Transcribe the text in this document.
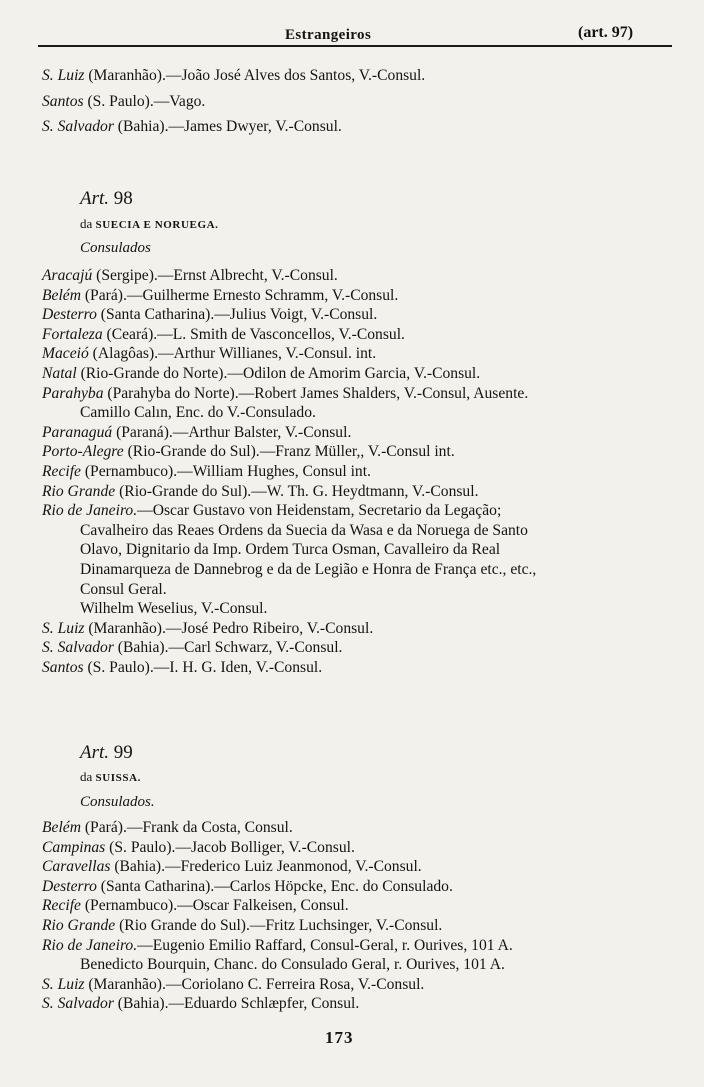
Estrangeiros	(art. 97)
S. Luiz (Maranhão).—João José Alves dos Santos, V.-Consul.
Santos (S. Paulo).—Vago.
S. Salvador (Bahia).—James Dwyer, V.-Consul.
Art. 98
da SUECIA E NORUEGA.
Consulados
Aracajú (Sergipe).—Ernst Albrecht, V.-Consul.
Belém (Pará).—Guilherme Ernesto Schramm, V.-Consul.
Desterro (Santa Catharina).—Julius Voigt, V.-Consul.
Fortaleza (Ceará).—L. Smith de Vasconcellos, V.-Consul.
Maceió (Alagôas).—Arthur Willianes, V.-Consul. int.
Natal (Rio-Grande do Norte).—Odilon de Amorim Garcia, V.-Consul.
Parahyba (Parahyba do Norte).—Robert James Shalders, V.-Consul, Ausente.
Camillo Calın, Enc. do V.-Consulado.
Paranaguá (Paraná).—Arthur Balster, V.-Consul.
Porto-Alegre (Rio-Grande do Sul).—Franz Müller,, V.-Consul int.
Recife (Pernambuco).—William Hughes, Consul int.
Rio Grande (Rio-Grande do Sul).—W. Th. G. Heydtmann, V.-Consul.
Rio de Janeiro.—Oscar Gustavo von Heidenstam, Secretario da Legação;
Cavalheiro das Reaes Ordens da Suecia da Wasa e da Noruega de Santo
Olavo, Dignitario da Imp. Ordem Turca Osman, Cavalleiro da Real
Dinamarqueza de Dannebrog e da de Legião e Honra de França etc., etc.,
Consul Geral.
Wilhelm Weselius, V.-Consul.
S. Luiz (Maranhão).—José Pedro Ribeiro, V.-Consul.
S. Salvador (Bahia).—Carl Schwarz, V.-Consul.
Santos (S. Paulo).—I. H. G. Iden, V.-Consul.
Art. 99
da SUISSA.
Consulados.
Belém (Pará).—Frank da Costa, Consul.
Campinas (S. Paulo).—Jacob Bolliger, V.-Consul.
Caravellas (Bahia).—Frederico Luiz Jeanmonod, V.-Consul.
Desterro (Santa Catharina).—Carlos Höpcke, Enc. do Consulado.
Recife (Pernambuco).—Oscar Falkeisen, Consul.
Rio Grande (Rio Grande do Sul).—Fritz Luchsinger, V.-Consul.
Rio de Janeiro.—Eugenio Emilio Raffard, Consul-Geral, r. Ourives, 101 A.
Benedicto Bourquin, Chanc. do Consulado Geral, r. Ourives, 101 A.
S. Luiz (Maranhão).—Coriolano C. Ferreira Rosa, V.-Consul.
S. Salvador (Bahia).—Eduardo Schlæpfer, Consul.
173
